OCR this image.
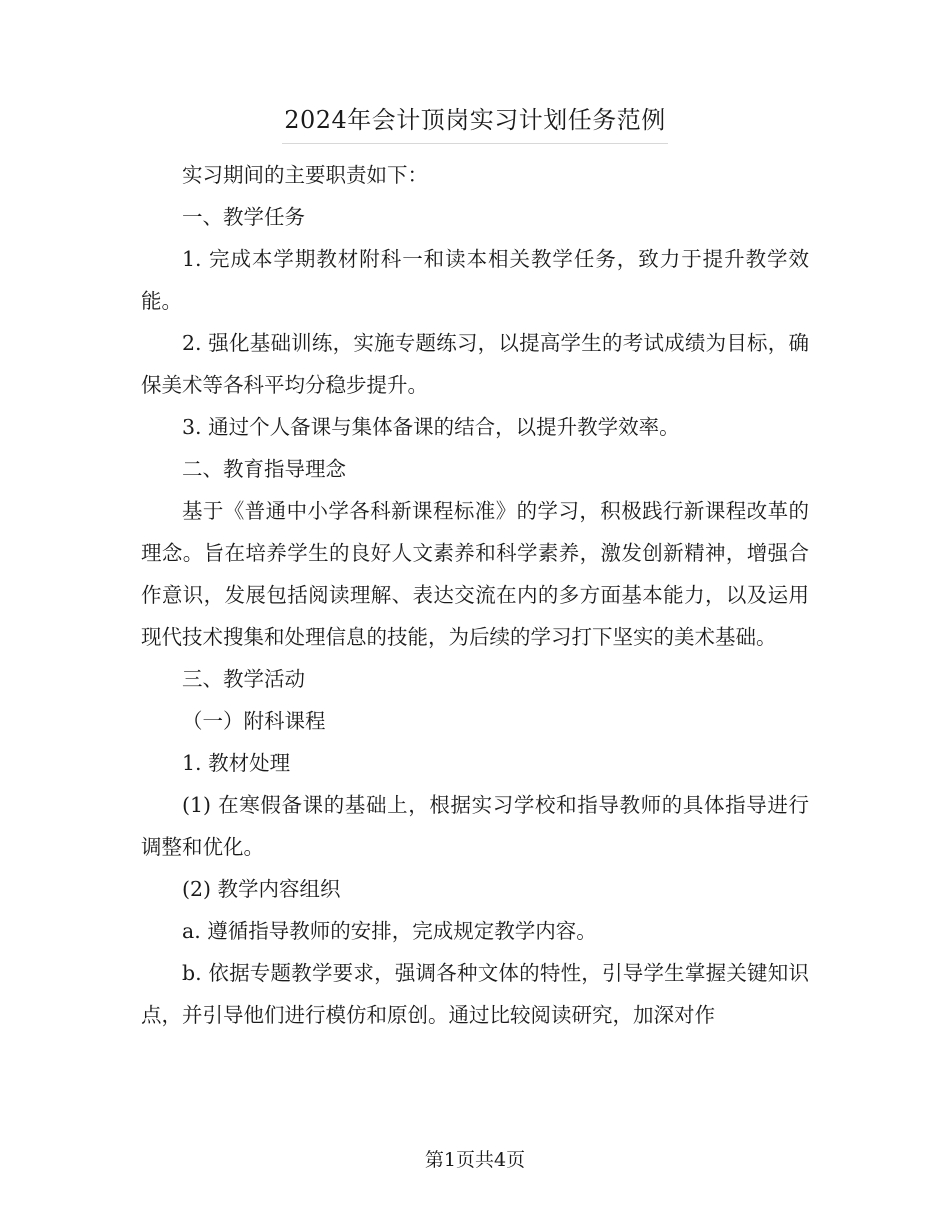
2024年会计顶岗实习计划任务范例

实习期间的主要职责如下：

一、教学任务

1. 完成本学期教材附科一和读本相关教学任务，致力于提升教学效能。

2. 强化基础训练，实施专题练习，以提高学生的考试成绩为目标，确保美术等各科平均分稳步提升。

3. 通过个人备课与集体备课的结合，以提升教学效率。

二、教育指导理念

基于《普通中小学各科新课程标准》的学习，积极践行新课程改革的理念。旨在培养学生的良好人文素养和科学素养，激发创新精神，增强合作意识，发展包括阅读理解、表达交流在内的多方面基本能力，以及运用现代技术搜集和处理信息的技能，为后续的学习打下坚实的美术基础。

三、教学活动

（一）附科课程

1. 教材处理

(1) 在寒假备课的基础上，根据实习学校和指导教师的具体指导进行调整和优化。

(2) 教学内容组织

a. 遵循指导教师的安排，完成规定教学内容。

b. 依据专题教学要求，强调各种文体的特性，引导学生掌握关键知识点，并引导他们进行模仿和原创。通过比较阅读研究，加深对作

第1页共4页
